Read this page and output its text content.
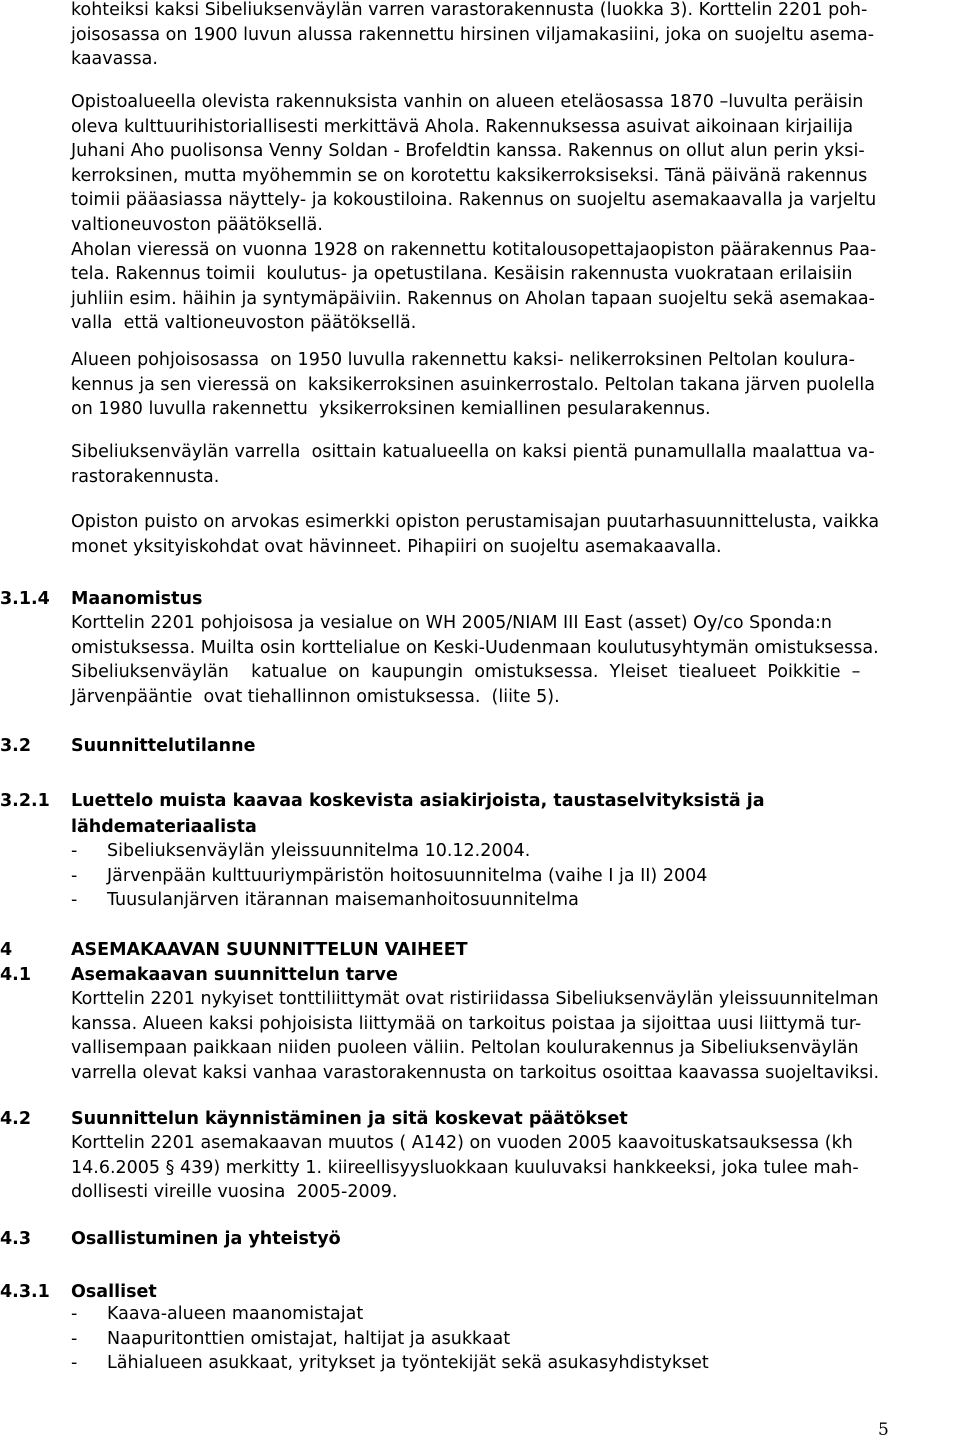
kohteiksi kaksi Sibeliuksenväylän varren varastorakennusta (luokka 3). Korttelin 2201 poh-
joisosassa on 1900 luvun alussa rakennettu hirsinen viljamakasiini, joka on suojeltu asema-
kaavassa.
Opistoalueella olevista rakennuksista vanhin on alueen eteläosassa 1870 –luvulta peräisin
oleva kulttuurihistoriallisesti merkittävä Ahola. Rakennuksessa asuivat aikoinaan kirjailija
Juhani Aho puolisonsa Venny Soldan - Brofeldtin kanssa. Rakennus on ollut alun perin yksi-
kerroksinen, mutta myöhemmin se on korotettu kaksikerroksiseksi. Tänä päivänä rakennus
toimii pääasiassa näyttely- ja kokoustiloina. Rakennus on suojeltu asemakaavalla ja varjeltu
valtioneuvoston päätöksellä.
Aholan vieressä on vuonna 1928 on rakennettu kotitalousopettajaopiston päärakennus Paa-
tela. Rakennus toimii  koulutus- ja opetustilana. Kesäisin rakennusta vuokrataan erilaisiin
juhliin esim. häihin ja syntymäpäiviin. Rakennus on Aholan tapaan suojeltu sekä asemakaa-
valla  että valtioneuvoston päätöksellä.
Alueen pohjoisosassa  on 1950 luvulla rakennettu kaksi- nelikerroksinen Peltolan koulura-
kennus ja sen vieressä on  kaksikerroksinen asuinkerrostalo. Peltolan takana järven puolella
on 1980 luvulla rakennettu  yksikerroksinen kemiallinen pesularakennus.
Sibeliuksenväylän varrella  osittain katualueella on kaksi pientä punamullalla maalattua va-
rastorakennusta.
Opiston puisto on arvokas esimerkki opiston perustamisajan puutarhasuunnittelusta, vaikka
monet yksityiskohdat ovat hävinneet. Pihapiiri on suojeltu asemakaavalla.
3.1.4	Maanomistus
Korttelin 2201 pohjoisosa ja vesialue on WH 2005/NIAM III East (asset) Oy/co Sponda:n
omistuksessa. Muilta osin korttelialue on Keski-Uudenmaan koulutusyhtymän omistuksessa.
Sibeliuksenväylän    katualue  on  kaupungin  omistuksessa.  Yleiset  tiealueet  Poikkitie  –
Järvenpääntie  ovat tiehallinnon omistuksessa.  (liite 5).
3.2	Suunnittelutilanne
3.2.1	Luettelo muista kaavaa koskevista asiakirjoista, taustaselvityksistä ja
lähdemateriaalista
- Sibeliuksenväylän yleissuunnitelma 10.12.2004.
- Järvenpään kulttuuriympäristön hoitosuunnitelma (vaihe I ja II) 2004
- Tuusulanjärven itärannan maisemanhoitosuunnitelma
4	ASEMAKAAVAN SUUNNITTELUN VAIHEET
4.1	Asemakaavan suunnittelun tarve
Korttelin 2201 nykyiset tonttiliittymät ovat ristiriidassa Sibeliuksenväylän yleissuunnitelman
kanssa. Alueen kaksi pohjoisista liittymää on tarkoitus poistaa ja sijoittaa uusi liittymä tur-
vallisempaan paikkaan niiden puoleen väliin. Peltolan koulurakennus ja Sibeliuksenväylän
varrella olevat kaksi vanhaa varastorakennusta on tarkoitus osoittaa kaavassa suojeltaviksi.
4.2	Suunnittelun käynnistäminen ja sitä koskevat päätökset
Korttelin 2201 asemakaavan muutos ( A142) on vuoden 2005 kaavoituskatsauksessa (kh
14.6.2005 § 439) merkitty 1. kiireellisyysluokkaan kuuluvaksi hankkeeksi, joka tulee mah-
dollisesti vireille vuosina  2005-2009.
4.3	Osallistuminen ja yhteistyö
4.3.1	Osalliset
- Kaava-alueen maanomistajat
- Naapuritonttien omistajat, haltijat ja asukkaat
- Lähialueen asukkaat, yritykset ja työntekijät sekä asukasyhdistykset
5
